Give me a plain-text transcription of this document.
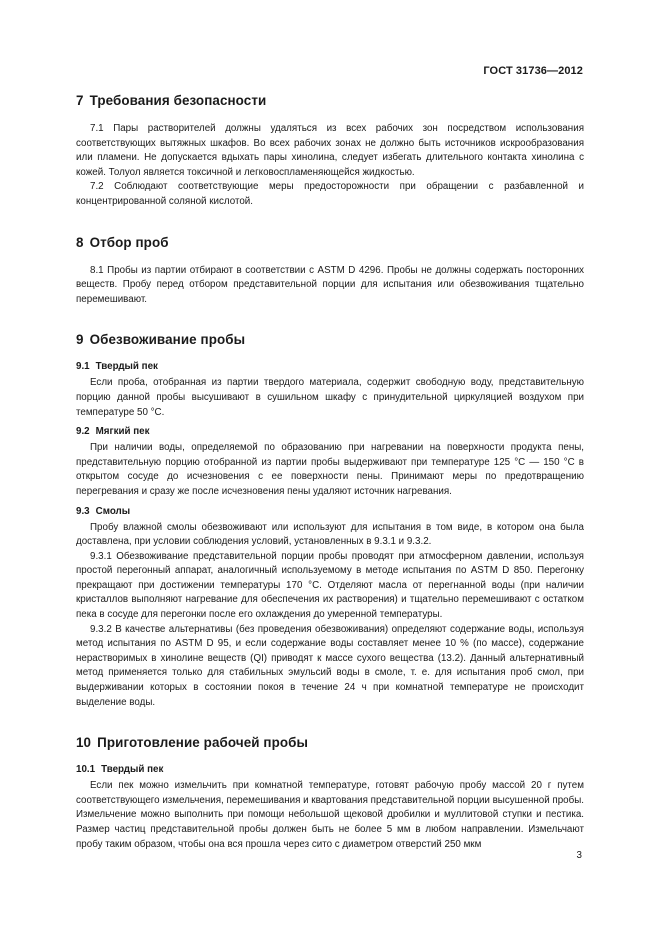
ГОСТ 31736—2012
7 Требования безопасности

7.1 Пары растворителей должны удаляться из всех рабочих зон посредством использования соответствующих вытяжных шкафов. Во всех рабочих зонах не должно быть источников искрообразования или пламени. Не допускается вдыхать пары хинолина, следует избегать длительного контакта хинолина с кожей. Толуол является токсичной и легковоспламеняющейся жидкостью.

7.2 Соблюдают соответствующие меры предосторожности при обращении с разбавленной и концентрированной соляной кислотой.

8 Отбор проб

8.1 Пробы из партии отбирают в соответствии с ASTM D 4296. Пробы не должны содержать посторонних веществ. Пробу перед отбором представительной порции для испытания или обезвоживания тщательно перемешивают.

9 Обезвоживание пробы
9.1 Твердый пек

Если проба, отобранная из партии твердого материала, содержит свободную воду, представительную порцию данной пробы высушивают в сушильном шкафу с принудительной циркуляцией воздухом при температуре 50 °С.

9.2 Мягкий пек

При наличии воды, определяемой по образованию при нагревании на поверхности продукта пены, представительную порцию отобранной из партии пробы выдерживают при температуре 125 °С — 150 °С в открытом сосуде до исчезновения с ее поверхности пены. Принимают меры по предотвращению перегревания и сразу же после исчезновения пены удаляют источник нагревания.

9.3 Смолы

Пробу влажной смолы обезвоживают или используют для испытания в том виде, в котором она была доставлена, при условии соблюдения условий, установленных в 9.3.1 и 9.3.2.

9.3.1 Обезвоживание представительной порции пробы проводят при атмосферном давлении, используя простой перегонный аппарат, аналогичный используемому в методе испытания по ASTM D 850. Перегонку прекращают при достижении температуры 170 °С. Отделяют масла от перегнанной воды (при наличии кристаллов выполняют нагревание для обеспечения их растворения) и тщательно перемешивают с остатком пека в сосуде для перегонки после его охлаждения до умеренной температуры.

9.3.2 В качестве альтернативы (без проведения обезвоживания) определяют содержание воды, используя метод испытания по ASTM D 95, и если содержание воды составляет менее 10 % (по массе), содержание нерастворимых в хинолине веществ (QI) приводят к массе сухого вещества (13.2). Данный альтернативный метод применяется только для стабильных эмульсий воды в смоле, т. е. для испытания проб смол, при выдерживании которых в состоянии покоя в течение 24 ч при комнатной температуре не происходит выделение воды.

10 Приготовление рабочей пробы
10.1 Твердый пек

Если пек можно измельчить при комнатной температуре, готовят рабочую пробу массой 20 г путем соответствующего измельчения, перемешивания и квартования представительной порции высушенной пробы. Измельчение можно выполнить при помощи небольшой щековой дробилки и муллитовой ступки и пестика. Размер частиц представительной пробы должен быть не более 5 мм в любом направлении. Измельчают пробу таким образом, чтобы она вся прошла через сито с диаметром отверстий 250 мкм

3
